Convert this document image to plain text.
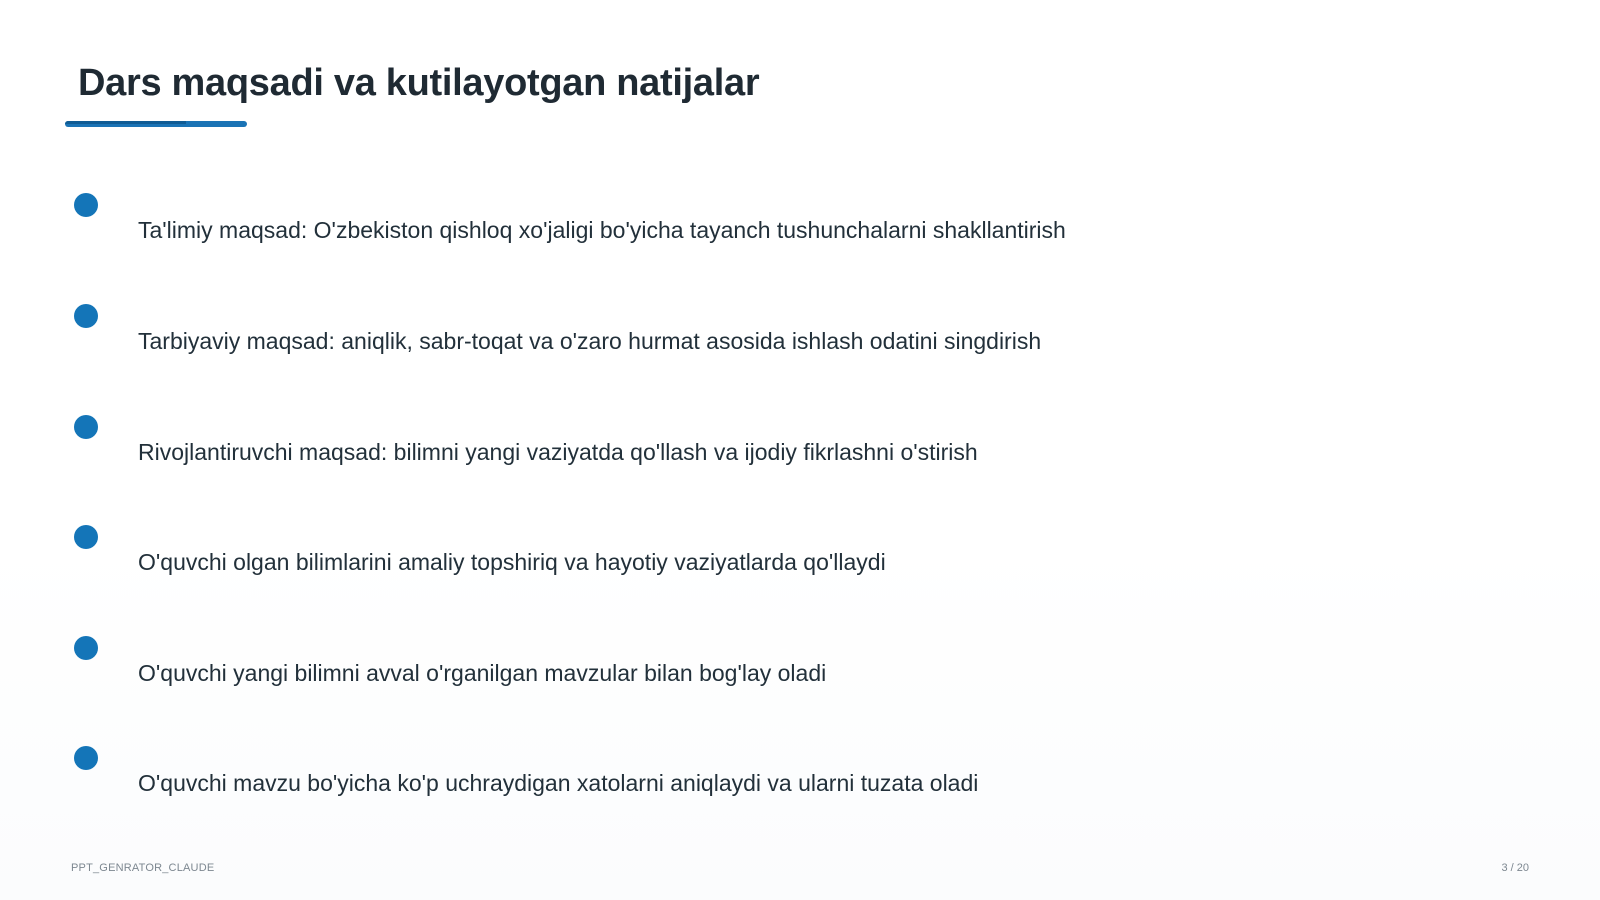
Dars maqsadi va kutilayotgan natijalar
Ta'limiy maqsad: O'zbekiston qishloq xo'jaligi bo'yicha tayanch tushunchalarni shakllantirish
Tarbiyaviy maqsad: aniqlik, sabr-toqat va o'zaro hurmat asosida ishlash odatini singdirish
Rivojlantiruvchi maqsad: bilimni yangi vaziyatda qo'llash va ijodiy fikrlashni o'stirish
O'quvchi olgan bilimlarini amaliy topshiriq va hayotiy vaziyatlarda qo'llaydi
O'quvchi yangi bilimni avval o'rganilgan mavzular bilan bog'lay oladi
O'quvchi mavzu bo'yicha ko'p uchraydigan xatolarni aniqlaydi va ularni tuzata oladi
PPT_GENRATOR_CLAUDE	3 / 20
